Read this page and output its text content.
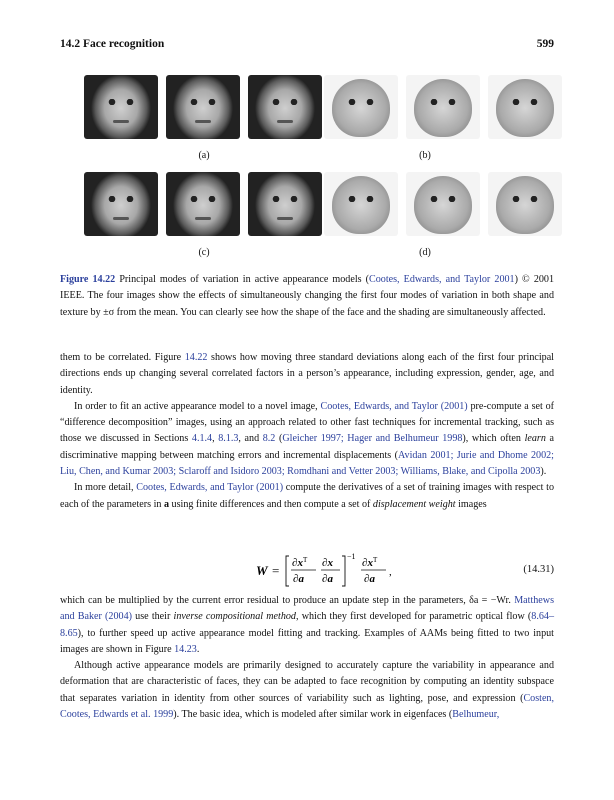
14.2 Face recognition	599
(a)	(b)
(c)	(d)
Figure 14.22 Principal modes of variation in active appearance models (Cootes, Edwards, and Taylor 2001) © 2001 IEEE. The four images show the effects of simultaneously changing the first four modes of variation in both shape and texture by ±σ from the mean. You can clearly see how the shape of the face and the shading are simultaneously affected.

them to be correlated. Figure 14.22 shows how moving three standard deviations along each of the first four principal directions ends up changing several correlated factors in a person’s appearance, including expression, gender, age, and identity.

In order to fit an active appearance model to a novel image, Cootes, Edwards, and Taylor (2001) pre-compute a set of “difference decomposition” images, using an approach related to other fast techniques for incremental tracking, such as those we discussed in Sections 4.1.4, 8.1.3, and 8.2 (Gleicher 1997; Hager and Belhumeur 1998), which often learn a discriminative mapping between matching errors and incremental displacements (Avidan 2001; Jurie and Dhome 2002; Liu, Chen, and Kumar 2003; Sclaroff and Isidoro 2003; Romdhani and Vetter 2003; Williams, Blake, and Cipolla 2003).

In more detail, Cootes, Edwards, and Taylor (2001) compute the derivatives of a set of training images with respect to each of the parameters in a using finite differences and then compute a set of displacement weight images

$W = \partial x^T$
∂a
∂x
∂a
−1
$\partial x^T$
∂a
,	(14.31)

which can be multiplied by the current error residual to produce an update step in the parameters, δa = −Wr. Matthews and Baker (2004) use their inverse compositional method, which they first developed for parametric optical flow (8.64–8.65), to further speed up active appearance model fitting and tracking. Examples of AAMs being fitted to two input images are shown in Figure 14.23.

Although active appearance models are primarily designed to accurately capture the variability in appearance and deformation that are characteristic of faces, they can be adapted to face recognition by computing an identity subspace that separates variation in identity from other sources of variability such as lighting, pose, and expression (Costen, Cootes, Edwards et al. 1999). The basic idea, which is modeled after similar work in eigenfaces (Belhumeur,
